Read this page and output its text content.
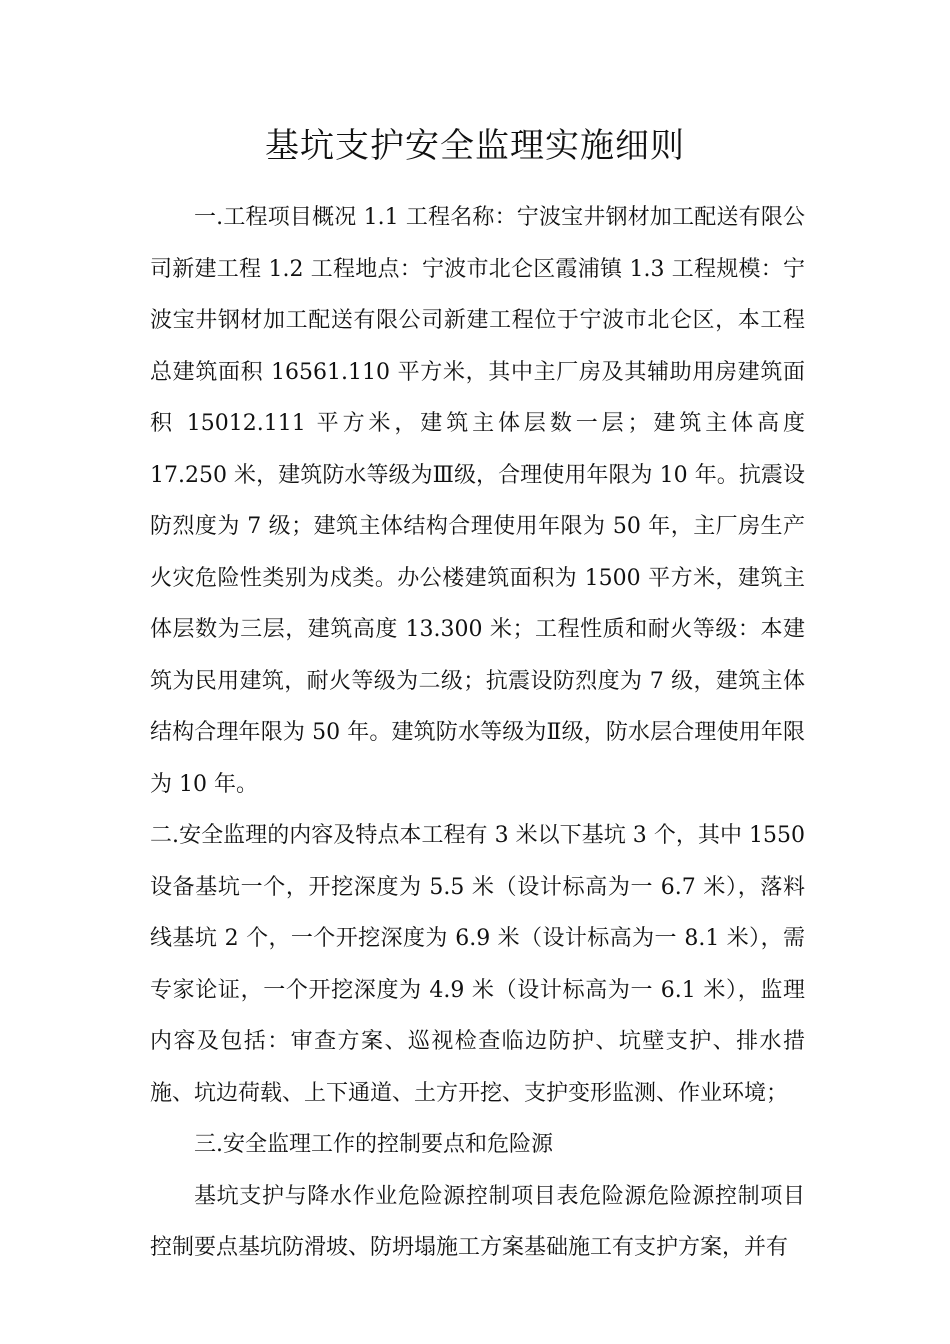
基坑支护安全监理实施细则

一.工程项目概况 1.1 工程名称：宁波宝井钢材加工配送有限公司新建工程 1.2 工程地点：宁波市北仑区霞浦镇 1.3 工程规模：宁波宝井钢材加工配送有限公司新建工程位于宁波市北仑区，本工程总建筑面积 16561.110 平方米，其中主厂房及其辅助用房建筑面积 15012.111 平方米，建筑主体层数一层；建筑主体高度 17.250 米，建筑防水等级为Ⅲ级，合理使用年限为 10 年。抗震设防烈度为 7 级；建筑主体结构合理使用年限为 50 年，主厂房生产火灾危险性类别为戍类。办公楼建筑面积为 1500 平方米，建筑主体层数为三层，建筑高度 13.300 米；工程性质和耐火等级：本建筑为民用建筑，耐火等级为二级；抗震设防烈度为 7 级，建筑主体结构合理年限为 50 年。建筑防水等级为Ⅱ级，防水层合理使用年限为 10 年。

二.安全监理的内容及特点本工程有 3 米以下基坑 3 个，其中 1550 设备基坑一个，开挖深度为 5.5 米（设计标高为一 6.7 米），落料线基坑 2 个，一个开挖深度为 6.9 米（设计标高为一 8.1 米），需专家论证，一个开挖深度为 4.9 米（设计标高为一 6.1 米），监理内容及包括：审查方案、巡视检查临边防护、坑壁支护、排水措施、坑边荷载、上下通道、土方开挖、支护变形监测、作业环境；

三.安全监理工作的控制要点和危险源

基坑支护与降水作业危险源控制项目表危险源危险源控制项目控制要点基坑防滑坡、防坍塌施工方案基础施工有支护方案，并有
